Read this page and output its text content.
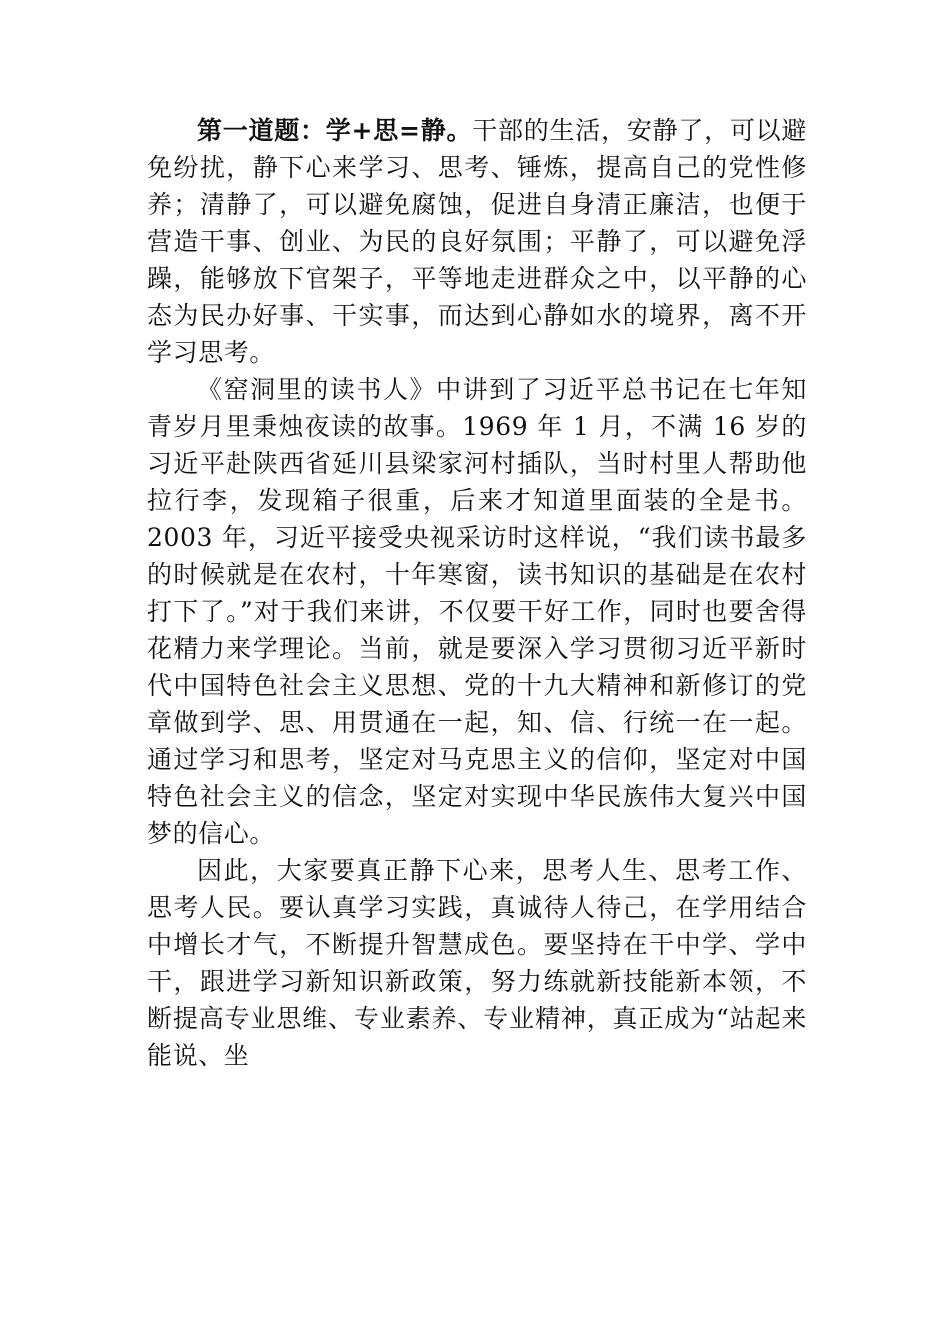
第一道题：学+思=静。干部的生活，安静了，可以避免纷扰，静下心来学习、思考、锤炼，提高自己的党性修养；清静了，可以避免腐蚀，促进自身清正廉洁，也便于营造干事、创业、为民的良好氛围；平静了，可以避免浮躁，能够放下官架子，平等地走进群众之中，以平静的心态为民办好事、干实事，而达到心静如水的境界，离不开学习思考。

《窑洞里的读书人》中讲到了习近平总书记在七年知青岁月里秉烛夜读的故事。1969 年 1 月，不满 16 岁的习近平赴陕西省延川县梁家河村插队，当时村里人帮助他拉行李，发现箱子很重，后来才知道里面装的全是书。2003 年，习近平接受央视采访时这样说，“我们读书最多的时候就是在农村，十年寒窗，读书知识的基础是在农村打下了。”对于我们来讲，不仅要干好工作，同时也要舍得花精力来学理论。当前，就是要深入学习贯彻习近平新时代中国特色社会主义思想、党的十九大精神和新修订的党章做到学、思、用贯通在一起，知、信、行统一在一起。通过学习和思考，坚定对马克思主义的信仰，坚定对中国特色社会主义的信念，坚定对实现中华民族伟大复兴中国梦的信心。

因此，大家要真正静下心来，思考人生、思考工作、思考人民。要认真学习实践，真诚待人待己，在学用结合中增长才气，不断提升智慧成色。要坚持在干中学、学中干，跟进学习新知识新政策，努力练就新技能新本领，不断提高专业思维、专业素养、专业精神，真正成为“站起来能说、坐
